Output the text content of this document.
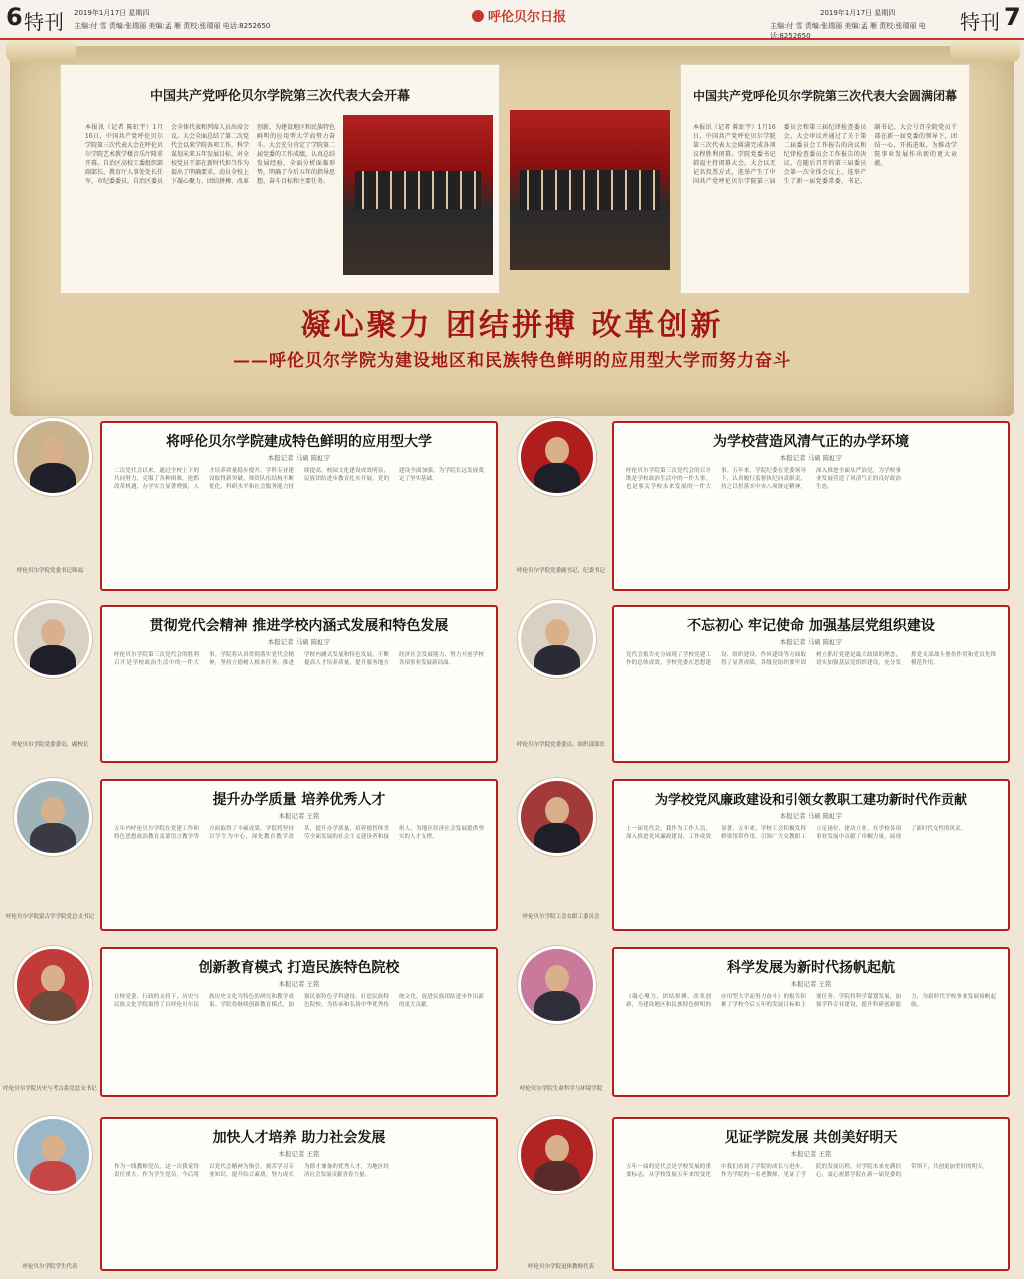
6 特刊 2019年1月17日 星期四
主编:付 雪 责编:张瑞丽 美编:孟 雁 责校:张瑞丽 电话:8252650
呼伦贝尔日报	2019年1月17日 星期四
主编:付 雪 责编:张瑞丽 美编:孟 雁 责校:张瑞丽 电话:8252650
特刊 7
中国共产党呼伦贝尔学院第三次代表大会开幕
本报讯（记者 陈虹宇）1月16日，中国共产党呼伦贝尔学院第三次代表大会在呼伦贝尔学院艺术教学楼音乐厅隆重开幕。自治区高校工委组织部副部长、教育厅人事处处长任军，市纪委委员，自治区委员会全体代表和列席人员出席会议。大会全面总结了第二次党代会以来学院各项工作，科学谋划未来五年发展目标，对全校党员干部在新时代担当作为提出了明确要求，动员全校上下凝心聚力、团结拼搏、改革创新，为建设地区和民族特色鲜明的应用型大学而努力奋斗。大会充分肯定了学院第二届党委的工作成绩，认真总结发展经验，全面分析面临形势，明确了今后五年的指导思想、奋斗目标和主要任务。
中国共产党呼伦贝尔学院第三次代表大会圆满闭幕
本报讯（记者 陈虹宇）1月16日，中国共产党呼伦贝尔学院第三次代表大会圆满完成各项议程胜利闭幕。学院党委书记韩福主持闭幕大会。大会以无记名投票方式，选举产生了中国共产党呼伦贝尔学院第三届委员会和第三届纪律检查委员会。大会审议并通过了关于第二届委员会工作报告的决议和纪律检查委员会工作报告的决议。在随后召开的第三届委员会第一次全体会议上，选举产生了新一届党委常委、书记、副书记。大会号召全院党员干部在新一届党委的领导下，团结一心，开拓进取，为推动学院事业发展作出新的更大贡献。
凝心聚力 团结拼搏 改革创新
——呼伦贝尔学院为建设地区和民族特色鲜明的应用型大学而努力奋斗
呼伦贝尔学院党委书记韩福
将呼伦贝尔学院建成特色鲜明的应用型大学
本报记者 马硕 陈虹宇
二次党代会以来，通过全校上下的共同努力，克服了各种困难，抢抓改革机遇，办学实力显著增强，人才培养质量稳步提升，学科专业建设取得新突破，师资队伍结构不断优化，科研水平和社会服务能力持续提高，校园文化建设成效明显，民族团结进步教育扎实开展，党的建设全面加强，为学院长远发展奠定了坚实基础。
呼伦贝尔学院党委委员、副校长
贯彻党代会精神 推进学校内涵式发展和特色发展
本报记者 马硕 陈虹宇
呼伦贝尔学院第三次党代会的胜利召开是学校政治生活中的一件大事。学院将认真贯彻落实党代会精神，坚持立德树人根本任务，推进学校内涵式发展和特色发展，不断提高人才培养质量，提升服务地方经济社会发展能力，努力开创学校各项事业发展新局面。
呼伦贝尔学院蒙古学学院党总支书记
提升办学质量 培养优秀人才
本报记者 王铭
五年内呼伦贝尔学院在党建工作和特色思想政治教育及蒙语言教学等方面取得了丰硕成果。学院将坚持以学生为中心，深化教育教学改革，提升办学质量，培养德智体美劳全面发展的社会主义建设者和接班人，为地区经济社会发展提供坚实的人才支撑。
呼伦贝尔学院历史与考古系党总支书记
创新教育模式 打造民族特色院校
本报记者 王铭
在校党委、行政的支持下，历史与民族文化学院取得了以呼伦贝尔民族历史文化为特色的研究和教学成果。学院将继续创新教育模式，加强民族特色学科建设，打造民族特色院校，为传承和弘扬中华优秀传统文化、促进民族团结进步作出新的更大贡献。
呼伦贝尔学院学生代表
加快人才培养 助力社会发展
本报记者 王铭
作为一线教师党员，这一次我觉得责任重大。作为学生党员，今后将以党代会精神为指引，刻苦学习专业知识，提升综合素质，努力成长为德才兼备的优秀人才，为地区经济社会发展贡献青春力量。
呼伦贝尔学院党委副书记、纪委书记
为学校营造风清气正的办学环境
本报记者 马硕 陈虹宇
呼伦贝尔学院第三次党代会的召开既是学校政治生活中的一件大事，也是事关学校未来发展的一件大事。五年来，学院纪委在党委领导下，认真履行监督执纪问责职责，持之以恒落实中央八项规定精神，深入推进全面从严治党，为学校事业发展营造了风清气正的良好政治生态。
呼伦贝尔学院党委委员、组织部部长
不忘初心 牢记使命 加强基层党组织建设
本报记者 马硕 陈虹宇
党代会报告充分展现了学校党建工作的总体成效，学校党委在思想建设、组织建设、作风建设等方面取得了显著成绩。各级党组织要牢固树立抓好党建是最大政绩的理念，切实加强基层党组织建设，充分发挥党支部战斗堡垒作用和党员先锋模范作用。
呼伦贝尔学院工会女职工委员会
为学校党风廉政建设和引领女教职工建功新时代作贡献
本报记者 马硕 陈虹宇
上一届党代会，我作为工作人员，深入推进党风廉政建设，工作成效显著。五年来，学校工会积极发挥桥梁纽带作用，引领广大女教职工立足岗位、建功立业，在学校各项事业发展中贡献了巾帼力量，展现了新时代女性的风采。
呼伦贝尔学院生命科学与环境学院
科学发展为新时代扬帆起航
本报记者 王铭
《凝心聚力，团结拼搏，改革创新，为建设地区和民族特色鲜明的应用型大学而努力奋斗》的报告积累了学校今后五年的发展目标和主要任务。学院将科学谋划发展，加强学科专业建设，提升科研创新能力，为新时代学校事业发展扬帆起航。
呼伦贝尔学院退休教师代表
见证学院发展 共创美好明天
本报记者 王铭
五年一届的党代会是学校发展的重要标志。从学校发展五年来的变化中我们看到了学院的成长与进步。作为学院的一名老教师，见证了学院的发展历程，对学院未来充满信心，衷心祝愿学院在新一届党委的带领下，共创更加美好的明天。
